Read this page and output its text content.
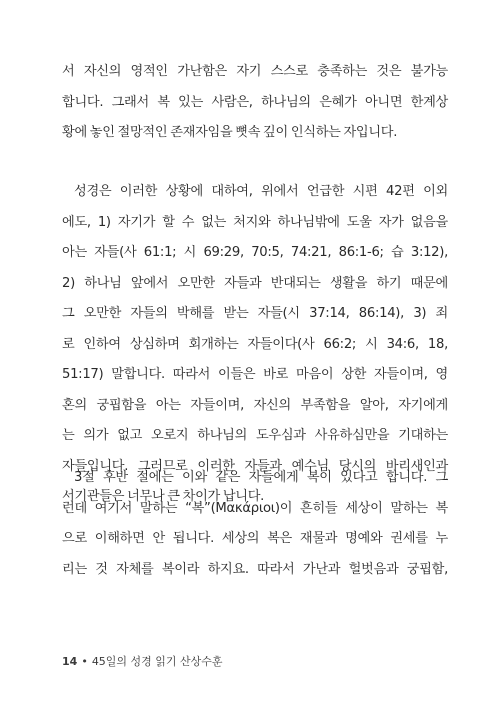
서 자신의 영적인 가난함은 자기 스스로 충족하는 것은 불가능
합니다. 그래서 복 있는 사람은, 하나님의 은혜가 아니면 한계상
황에 놓인 절망적인 존재자임을 뼛속 깊이 인식하는 자입니다.
성경은 이러한 상황에 대하여, 위에서 언급한 시편 42편 이외
에도, 1) 자기가 할 수 없는 처지와 하나님밖에 도울 자가 없음을
아는 자들(사 61:1; 시 69:29, 70:5, 74:21, 86:1-6; 습 3:12),
2) 하나님 앞에서 오만한 자들과 반대되는 생활을 하기 때문에
그 오만한 자들의 박해를 받는 자들(시 37:14, 86:14), 3) 죄
로 인하여 상심하며 회개하는 자들이다(사 66:2; 시 34:6, 18,
51:17) 말합니다. 따라서 이들은 바로 마음이 상한 자들이며, 영
혼의 궁핍함을 아는 자들이며, 자신의 부족함을 알아, 자기에게
는 의가 없고 오로지 하나님의 도우심과 사유하심만을 기대하는
자들입니다. 그러므로 이러한 자들과 예수님 당시의 바리새인과
서기관들은 너무나 큰 차이가 납니다.
3절 후반 절에는 이와 같은 자들에게 복이 있다고 합니다. 그
런데 여기서 말하는 “복”(Μακάριοι)이 흔히들 세상이 말하는 복
으로 이해하면 안 됩니다. 세상의 복은 재물과 명예와 권세를 누
리는 것 자체를 복이라 하지요. 따라서 가난과 헐벗음과 궁핍함,
14 • 45일의 성경 읽기 산상수훈
